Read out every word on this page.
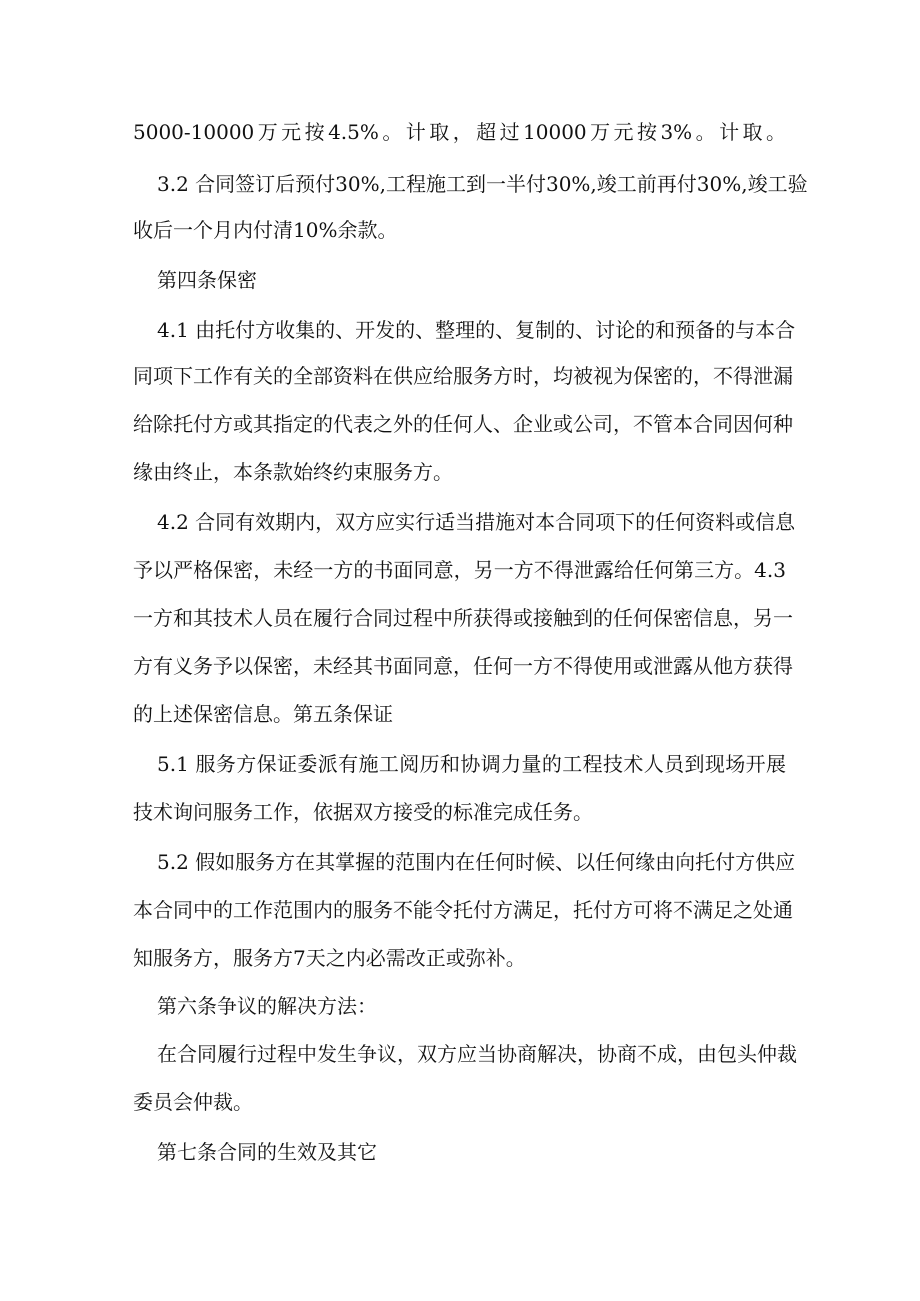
5000-10000万元按4.5%。计取，超过10000万元按3%。计取。
3.2 合同签订后预付30%,工程施工到一半付30%,竣工前再付30%,竣工验
收后一个月内付清10%余款。
第四条保密
4.1 由托付方收集的、开发的、整理的、复制的、讨论的和预备的与本合
同项下工作有关的全部资料在供应给服务方时，均被视为保密的，不得泄漏
给除托付方或其指定的代表之外的任何人、企业或公司，不管本合同因何种
缘由终止，本条款始终约束服务方。
4.2 合同有效期内，双方应实行适当措施对本合同项下的任何资料或信息
予以严格保密，未经一方的书面同意，另一方不得泄露给任何第三方。4.3
一方和其技术人员在履行合同过程中所获得或接触到的任何保密信息，另一
方有义务予以保密，未经其书面同意，任何一方不得使用或泄露从他方获得
的上述保密信息。第五条保证
5.1 服务方保证委派有施工阅历和协调力量的工程技术人员到现场开展
技术询问服务工作，依据双方接受的标准完成任务。
5.2 假如服务方在其掌握的范围内在任何时候、以任何缘由向托付方供应
本合同中的工作范围内的服务不能令托付方满足，托付方可将不满足之处通
知服务方，服务方7天之内必需改正或弥补。
第六条争议的解决方法：
在合同履行过程中发生争议，双方应当协商解决，协商不成，由包头仲裁
委员会仲裁。
第七条合同的生效及其它
